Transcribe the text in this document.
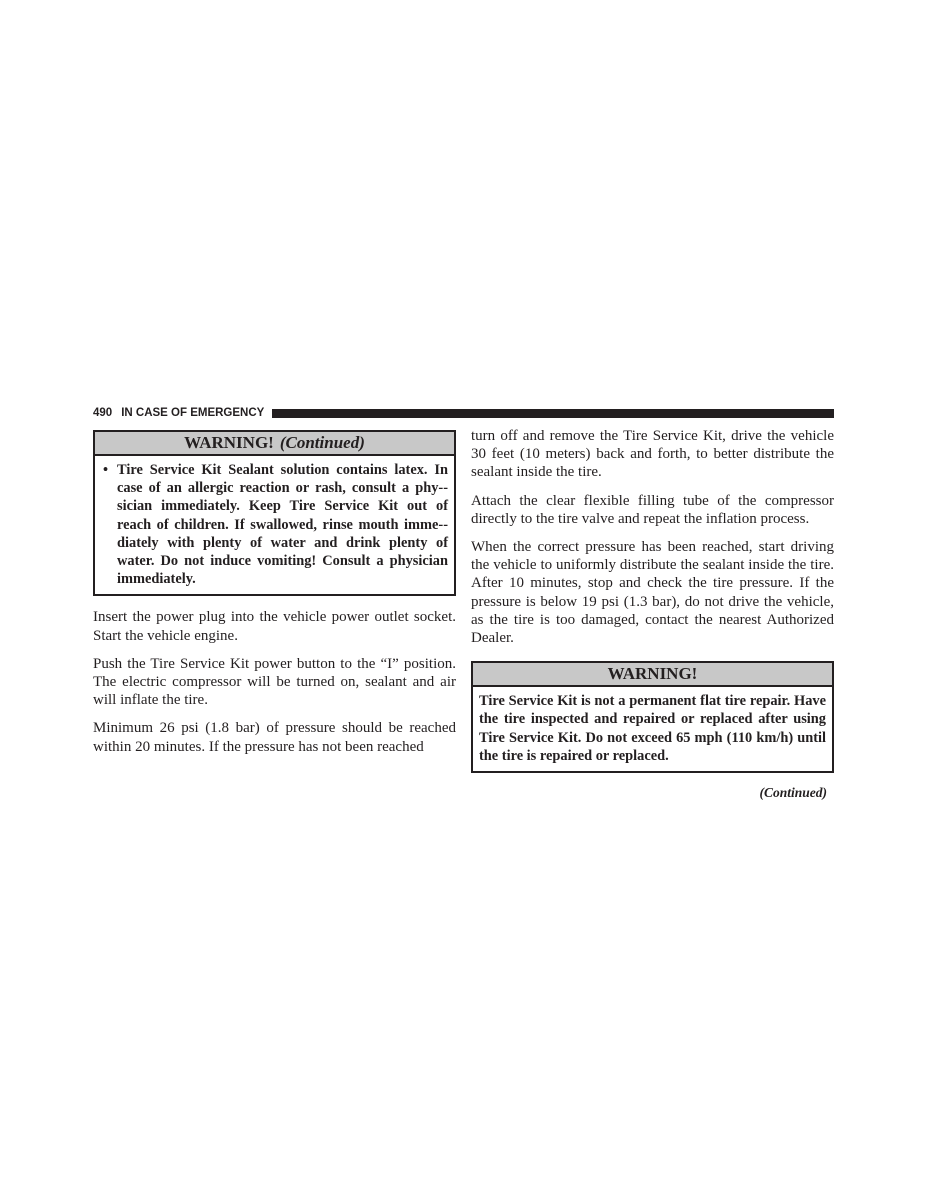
490 IN CASE OF EMERGENCY
WARNING! (Continued)
• Tire Service Kit Sealant solution contains latex. In case of an allergic reaction or rash, consult a phy-sician immediately. Keep Tire Service Kit out of reach of children. If swallowed, rinse mouth imme-diately with plenty of water and drink plenty of water. Do not induce vomiting! Consult a physician immediately.

Insert the power plug into the vehicle power outlet socket. Start the vehicle engine.

Push the Tire Service Kit power button to the “I” position. The electric compressor will be turned on, sealant and air will inflate the tire.

Minimum 26 psi (1.8 bar) of pressure should be reached within 20 minutes. If the pressure has not been reached

turn off and remove the Tire Service Kit, drive the vehicle 30 feet (10 meters) back and forth, to better distribute the sealant inside the tire.

Attach the clear flexible filling tube of the compressor directly to the tire valve and repeat the inflation process.

When the correct pressure has been reached, start driving the vehicle to uniformly distribute the sealant inside the tire. After 10 minutes, stop and check the tire pressure. If the pressure is below 19 psi (1.3 bar), do not drive the vehicle, as the tire is too damaged, contact the nearest Authorized Dealer.

WARNING!
Tire Service Kit is not a permanent flat tire repair. Have the tire inspected and repaired or replaced after using Tire Service Kit. Do not exceed 65 mph (110 km/h) until the tire is repaired or replaced.
(Continued)
